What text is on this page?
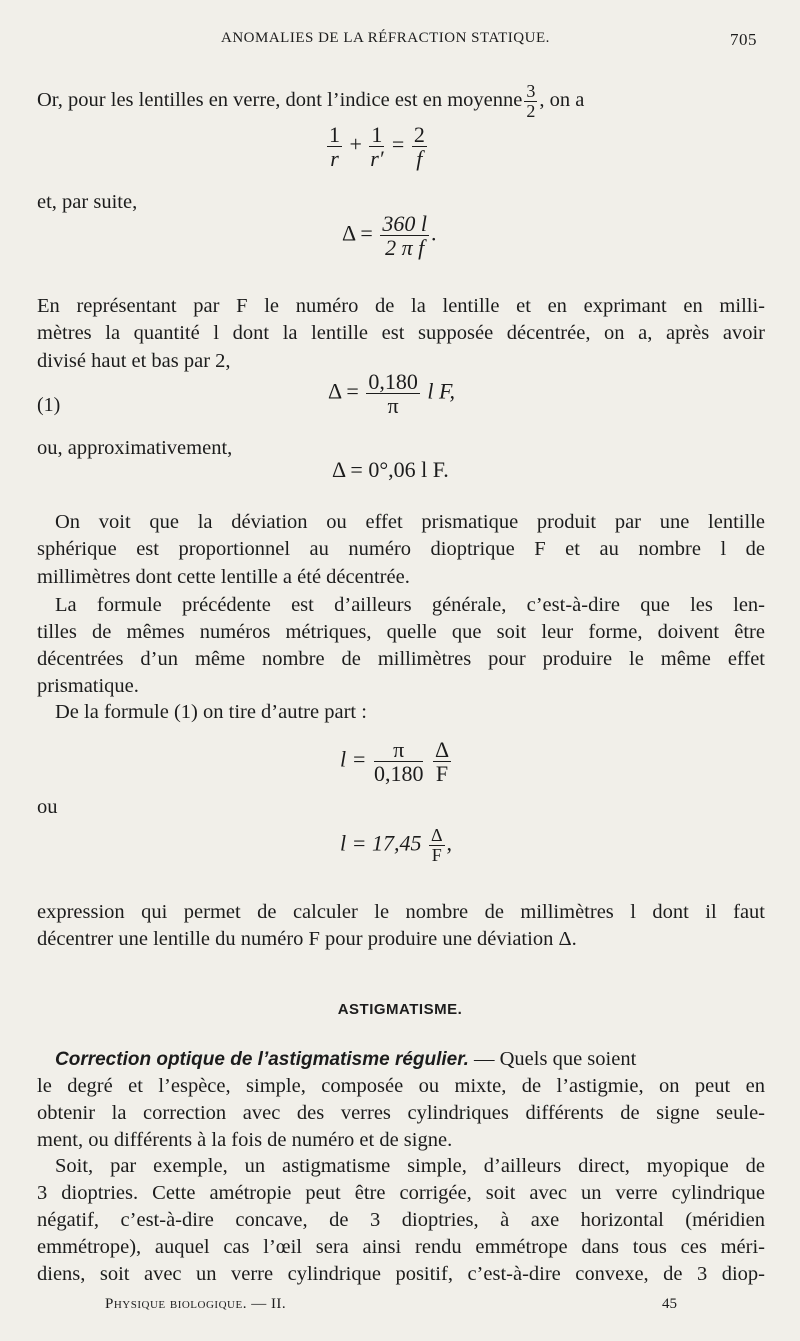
ANOMALIES DE LA RÉFRACTION STATIQUE.	705
Or, pour les lentilles en verre, dont l’indice est en moyenne $\frac{3}{2}$ , on a
$\frac{1}{r} + \frac{1}{r'} = \frac{2}{f}$
et, par suite,
$\Delta = \frac{360 l}{\text{2 π f}}$ .
En représentant par F le numéro de la lentille et en exprimant en milli-
mètres la quantité l dont la lentille est supposée décentrée, on a, après avoir
divisé haut et bas par 2,
(1)
$\Delta = \frac{0,180}{\pi}$ l F,
ou, approximativement,
Δ = 0°,06 l F.
On voit que la déviation ou effet prismatique produit par une lentille
sphérique est proportionnel au numéro dioptrique F et au nombre l de
millimètres dont cette lentille a été décentrée.
La formule précédente est d’ailleurs générale, c’est-à-dire que les len-
tilles de mêmes numéros métriques, quelle que soit leur forme, doivent être
décentrées d’un même nombre de millimètres pour produire le même effet
prismatique.
De la formule (1) on tire d’autre part :
$l = \frac{\pi}{0,180}$
$\frac{\Delta}{F}$
ou
$l = 17,45 \frac{\Delta}{F}$ ,
expression qui permet de calculer le nombre de millimètres l dont il faut
décentrer une lentille du numéro F pour produire une déviation Δ.
ASTIGMATISME.
Correction optique de l’astigmatisme régulier. — Quels que soient
le degré et l’espèce, simple, composée ou mixte, de l’astigmie, on peut en
obtenir la correction avec des verres cylindriques différents de signe seule-
ment, ou différents à la fois de numéro et de signe.
Soit, par exemple, un astigmatisme simple, d’ailleurs direct, myopique de
3 dioptries. Cette amétropie peut être corrigée, soit avec un verre cylindrique
négatif, c’est-à-dire concave, de 3 dioptries, à axe horizontal (méridien
emmétrope), auquel cas l’œil sera ainsi rendu emmétrope dans tous ces méri-
diens, soit avec un verre cylindrique positif, c’est-à-dire convexe, de 3 diop-
Physique biologique. — II.	45
